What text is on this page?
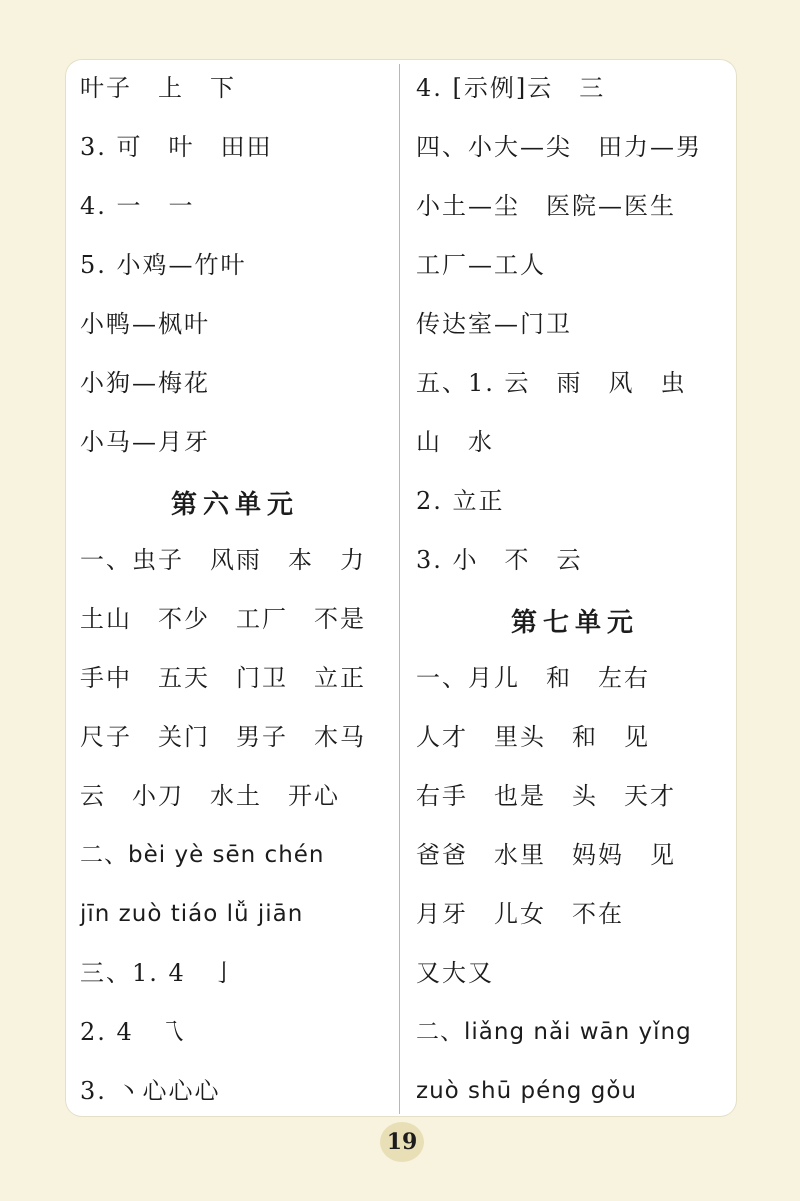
叶子　上　下
3. 可　叶　田田
4. 一　一
5. 小鸡—竹叶
小鸭—枫叶
小狗—梅花
小马—月牙
第六单元
一、虫子　风雨　本　力
土山　不少　工厂　不是
手中　五天　门卫　立正
尺子　关门　男子　木马
云　小刀　水土　开心
二、bèi yè sēn chén
jīn zuò tiáo lǚ jiān
三、1. 4　亅
2. 4　乁
3. 丶心心心
4. [示例]云　三
四、小大—尖　田力—男
小土—尘　医院—医生
工厂—工人
传达室—门卫
五、1. 云　雨　风　虫
山　水
2. 立正
3. 小　不　云
第七单元
一、月儿　和　左右
人才　里头　和　见
右手　也是　头　天才
爸爸　水里　妈妈　见
月牙　儿女　不在
又大又
二、liǎng nǎi wān yǐng
zuò shū péng gǒu
19
